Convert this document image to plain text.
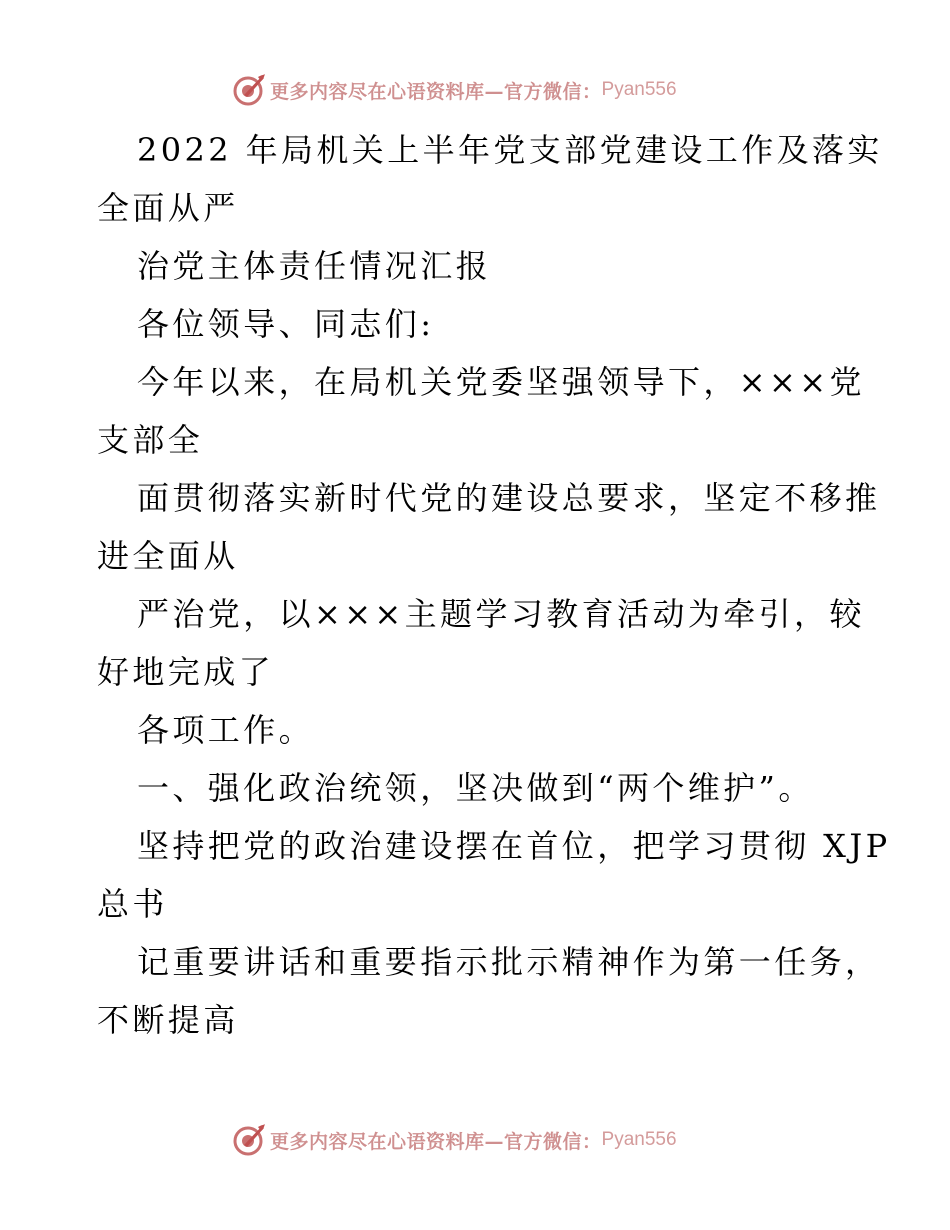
更多内容尽在心语资料库—官方微信： Pyan556
2022 年局机关上半年党支部党建设工作及落实
全面从严
治党主体责任情况汇报
各位领导、同志们:
今年以来，在局机关党委坚强领导下，×××党
支部全
面贯彻落实新时代党的建设总要求，坚定不移推
进全面从
严治党，以×××主题学习教育活动为牵引，较
好地完成了
各项工作。
一、强化政治统领，坚决做到“两个维护”。
坚持把党的政治建设摆在首位，把学习贯彻 XJP
总书
记重要讲话和重要指示批示精神作为第一任务，
不断提高
更多内容尽在心语资料库—官方微信： Pyan556
